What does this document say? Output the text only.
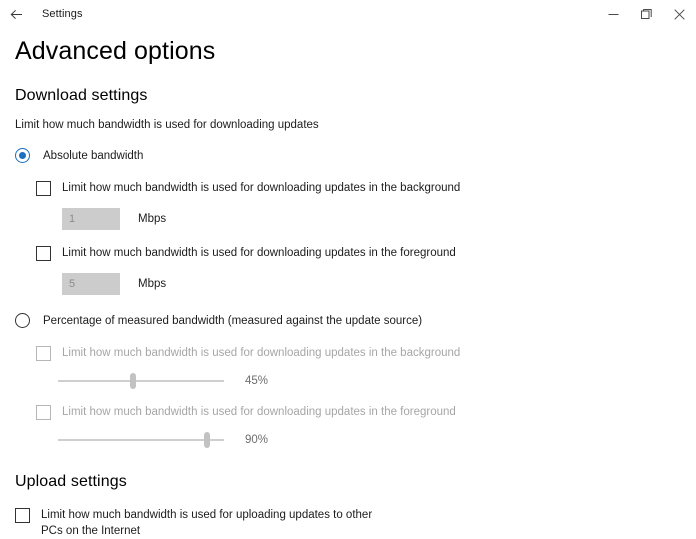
Settings
Advanced options
Download settings
Limit how much bandwidth is used for downloading updates
Absolute bandwidth
Limit how much bandwidth is used for downloading updates in the background
1	Mbps
Limit how much bandwidth is used for downloading updates in the foreground
5	Mbps
Percentage of measured bandwidth (measured against the update source)
Limit how much bandwidth is used for downloading updates in the background
45%
Limit how much bandwidth is used for downloading updates in the foreground
90%
Upload settings
Limit how much bandwidth is used for uploading updates to other PCs on the Internet
